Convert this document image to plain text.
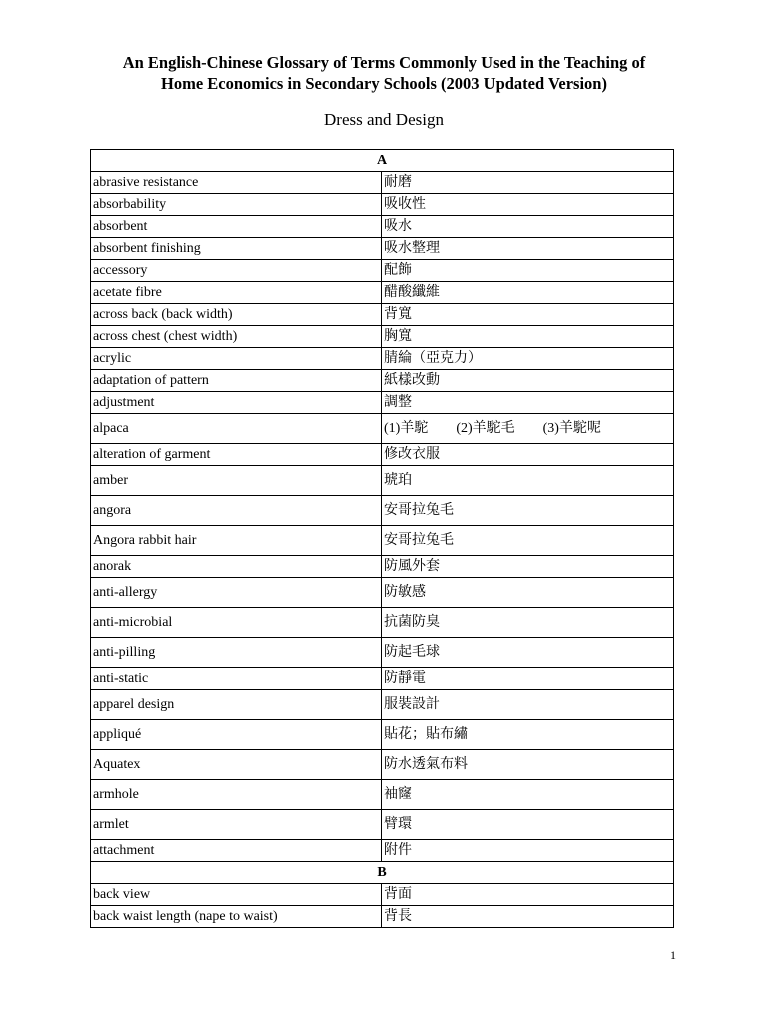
An English-Chinese Glossary of Terms Commonly Used in the Teaching of
Home Economics in Secondary Schools (2003 Updated Version)
Dress and Design
A	
abrasive resistance	耐磨
absorbability	吸收性
absorbent	吸水
absorbent finishing	吸水整理
accessory	配飾
acetate fibre	醋酸纖維
across back (back width)	背寬
across chest (chest width)	胸寬
acrylic	腈綸（亞克力）
adaptation of pattern	紙樣改動
adjustment	調整
alpaca	(1)羊駝　　(2)羊駝毛　　(3)羊駝呢
alteration of garment	修改衣服
amber	琥珀
angora	安哥拉兔毛
Angora rabbit hair	安哥拉兔毛
anorak	防風外套
anti-allergy	防敏感
anti-microbial	抗菌防臭
anti-pilling	防起毛球
anti-static	防靜電
apparel design	服裝設計
appliqué	貼花；貼布繡
Aquatex	防水透氣布料
armhole	袖窿
armlet	臂環
attachment	附件
B	
back view	背面
back waist length (nape to waist)	背長
1
